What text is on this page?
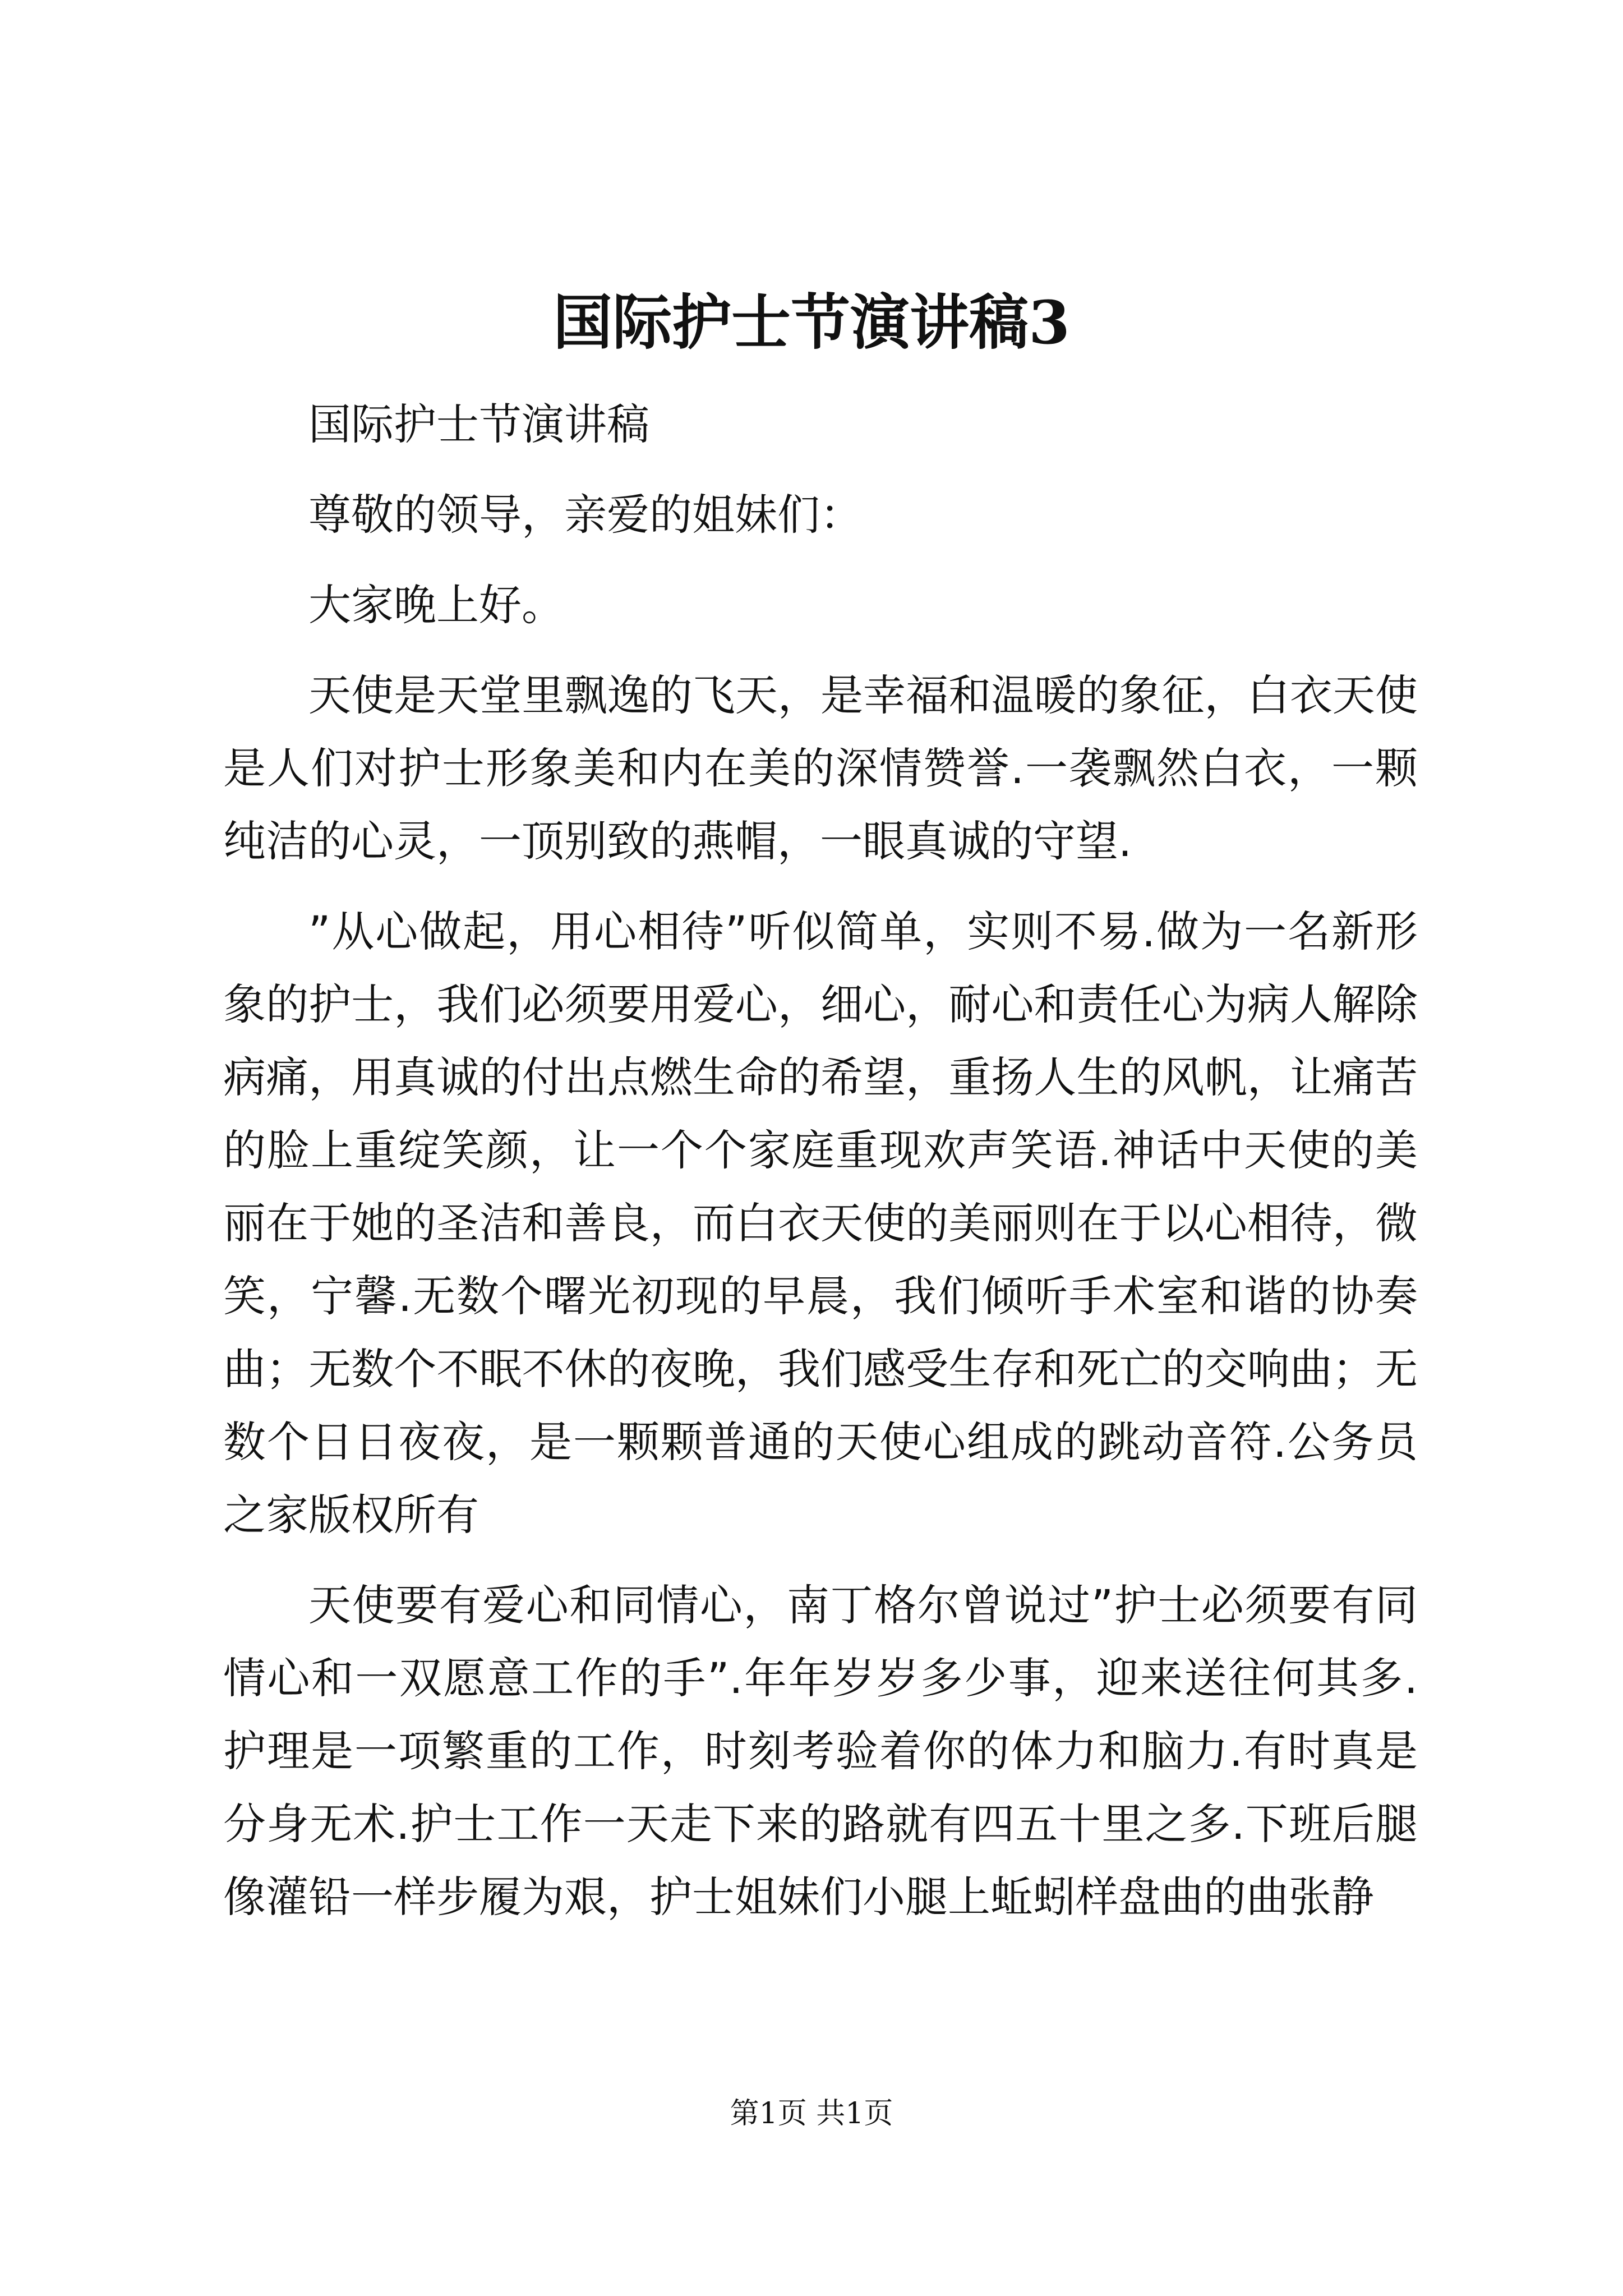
国际护士节演讲稿3

国际护士节演讲稿

尊敬的领导，亲爱的姐妹们：

大家晚上好。

天使是天堂里飘逸的飞天，是幸福和温暖的象征，白衣天使是人们对护士形象美和内在美的深情赞誉.一袭飘然白衣，一颗纯洁的心灵，一顶别致的燕帽，一眼真诚的守望.

”从心做起，用心相待”听似简单，实则不易.做为一名新形象的护士，我们必须要用爱心，细心，耐心和责任心为病人解除病痛，用真诚的付出点燃生命的希望，重扬人生的风帆，让痛苦的脸上重绽笑颜，让一个个家庭重现欢声笑语.神话中天使的美丽在于她的圣洁和善良，而白衣天使的美丽则在于以心相待，微笑，宁馨.无数个曙光初现的早晨，我们倾听手术室和谐的协奏曲；无数个不眠不休的夜晚，我们感受生存和死亡的交响曲；无数个日日夜夜，是一颗颗普通的天使心组成的跳动音符.公务员之家版权所有

天使要有爱心和同情心，南丁格尔曾说过”护士必须要有同情心和一双愿意工作的手”.年年岁岁多少事，迎来送往何其多.护理是一项繁重的工作，时刻考验着你的体力和脑力.有时真是分身无术.护士工作一天走下来的路就有四五十里之多.下班后腿像灌铅一样步履为艰，护士姐妹们小腿上蚯蚓样盘曲的曲张静

第1页 共1页
